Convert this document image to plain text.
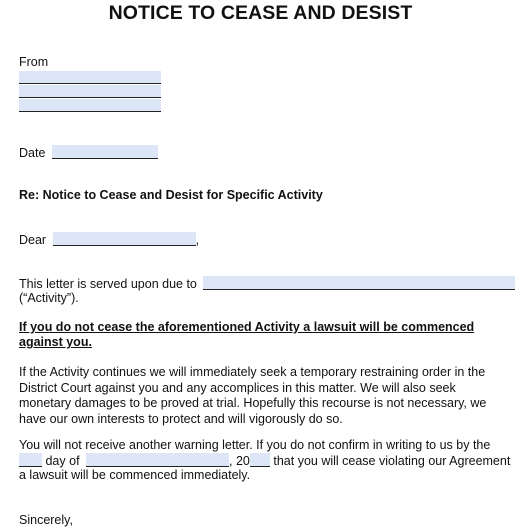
NOTICE TO CEASE AND DESIST
From
Date
Re: Notice to Cease and Desist for Specific Activity
Dear	,
This letter is served upon due to
(“Activity”).
If you do not cease the aforementioned Activity a lawsuit will be commenced against you.
If the Activity continues we will immediately seek a temporary restraining order in the District Court against you and any accomplices in this matter. We will also seek monetary damages to be proved at trial. Hopefully this recourse is not necessary, we have our own interests to protect and will vigorously do so.
You will not receive another warning letter. If you do not confirm in writing to us by the
day of	, 20 that you will cease violating our Agreement
a lawsuit will be commenced immediately.
Sincerely,
